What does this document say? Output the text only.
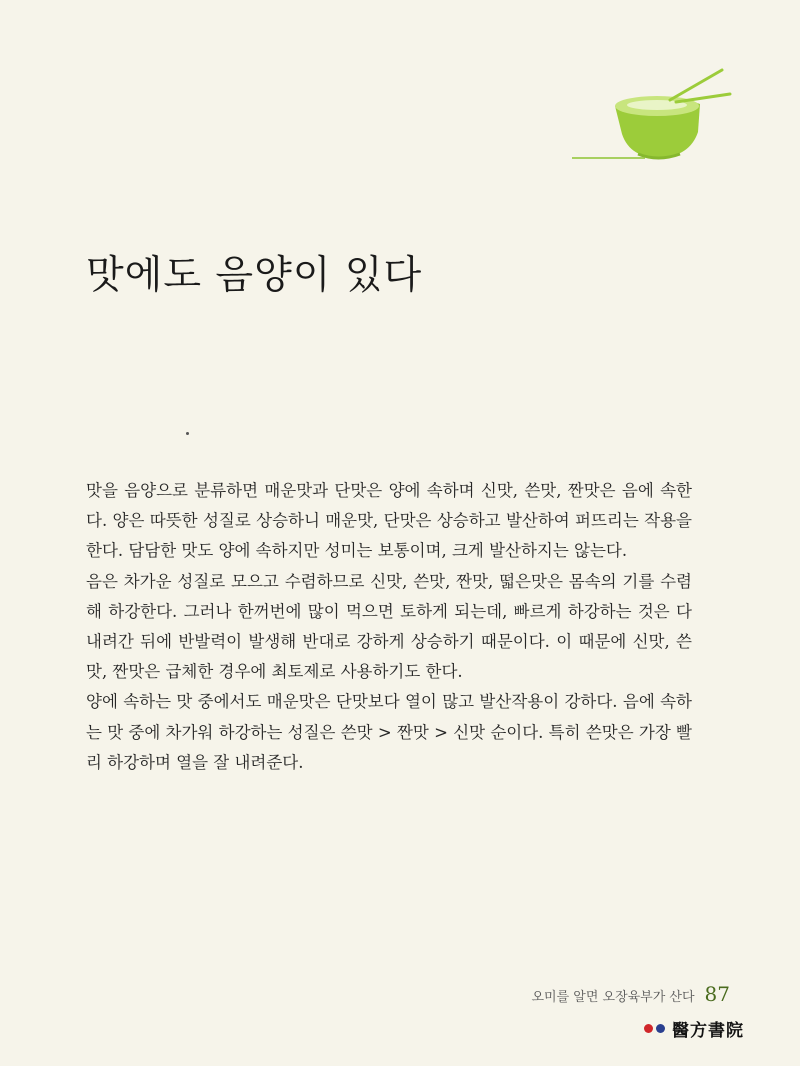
맛에도 음양이 있다

맛을 음양으로 분류하면 매운맛과 단맛은 양에 속하며 신맛, 쓴맛, 짠맛은 음에 속한다. 양은 따뜻한 성질로 상승하니 매운맛, 단맛은 상승하고 발산하여 퍼뜨리는 작용을 한다. 담담한 맛도 양에 속하지만 성미는 보통이며, 크게 발산하지는 않는다.

음은 차가운 성질로 모으고 수렴하므로 신맛, 쓴맛, 짠맛, 떫은맛은 몸속의 기를 수렴해 하강한다. 그러나 한꺼번에 많이 먹으면 토하게 되는데, 빠르게 하강하는 것은 다 내려간 뒤에 반발력이 발생해 반대로 강하게 상승하기 때문이다. 이 때문에 신맛, 쓴맛, 짠맛은 급체한 경우에 최토제로 사용하기도 한다.

양에 속하는 맛 중에서도 매운맛은 단맛보다 열이 많고 발산작용이 강하다. 음에 속하는 맛 중에 차가워 하강하는 성질은 쓴맛 > 짠맛 > 신맛 순이다. 특히 쓴맛은 가장 빨리 하강하며 열을 잘 내려준다.

오미를 알면 오장육부가 산다 87
醫方書院
